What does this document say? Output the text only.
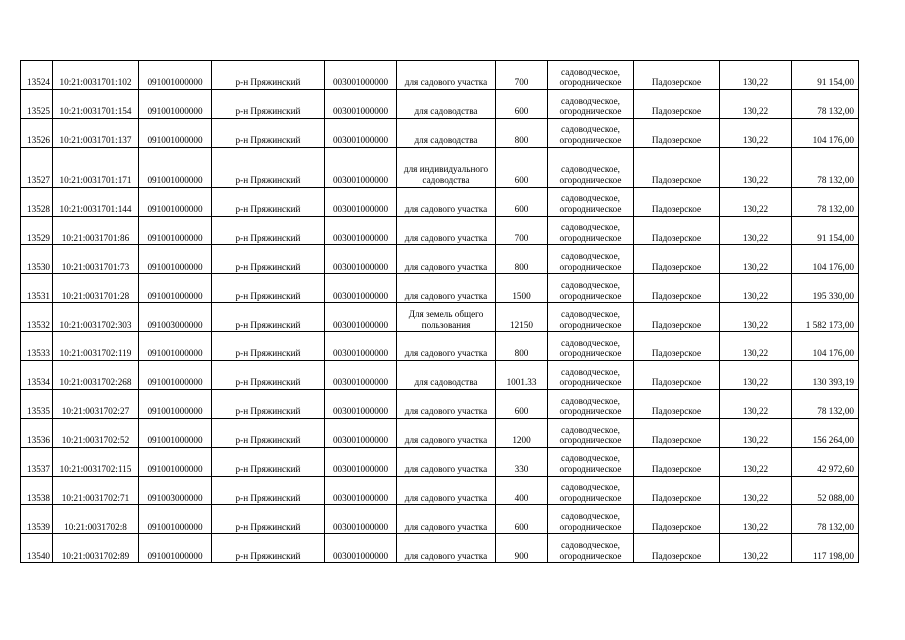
13524	10:21:0031701:102	091001000000	р-н Пряжинский	003001000000	для садового участка	700	садоводческое, огородническое	Падозерское	130,22	91 154,00
13525	10:21:0031701:154	091001000000	р-н Пряжинский	003001000000	для садоводства	600	садоводческое, огородническое	Падозерское	130,22	78 132,00
13526	10:21:0031701:137	091001000000	р-н Пряжинский	003001000000	для садоводства	800	садоводческое, огородническое	Падозерское	130,22	104 176,00
13527	10:21:0031701:171	091001000000	р-н Пряжинский	003001000000	для индивидуального садоводства	600	садоводческое, огородническое	Падозерское	130,22	78 132,00
13528	10:21:0031701:144	091001000000	р-н Пряжинский	003001000000	для садового участка	600	садоводческое, огородническое	Падозерское	130,22	78 132,00
13529	10:21:0031701:86	091001000000	р-н Пряжинский	003001000000	для садового участка	700	садоводческое, огородническое	Падозерское	130,22	91 154,00
13530	10:21:0031701:73	091001000000	р-н Пряжинский	003001000000	для садового участка	800	садоводческое, огородническое	Падозерское	130,22	104 176,00
13531	10:21:0031701:28	091001000000	р-н Пряжинский	003001000000	для садового участка	1500	садоводческое, огородническое	Падозерское	130,22	195 330,00
13532	10:21:0031702:303	091003000000	р-н Пряжинский	003001000000	Для земель общего пользования	12150	садоводческое, огородническое	Падозерское	130,22	1 582 173,00
13533	10:21:0031702:119	091001000000	р-н Пряжинский	003001000000	для садового участка	800	садоводческое, огородническое	Падозерское	130,22	104 176,00
13534	10:21:0031702:268	091001000000	р-н Пряжинский	003001000000	для садоводства	1001.33	садоводческое, огородническое	Падозерское	130,22	130 393,19
13535	10:21:0031702:27	091001000000	р-н Пряжинский	003001000000	для садового участка	600	садоводческое, огородническое	Падозерское	130,22	78 132,00
13536	10:21:0031702:52	091001000000	р-н Пряжинский	003001000000	для садового участка	1200	садоводческое, огородническое	Падозерское	130,22	156 264,00
13537	10:21:0031702:115	091001000000	р-н Пряжинский	003001000000	для садового участка	330	садоводческое, огородническое	Падозерское	130,22	42 972,60
13538	10:21:0031702:71	091003000000	р-н Пряжинский	003001000000	для садового участка	400	садоводческое, огородническое	Падозерское	130,22	52 088,00
13539	10:21:0031702:8	091001000000	р-н Пряжинский	003001000000	для садового участка	600	садоводческое, огородническое	Падозерское	130,22	78 132,00
13540	10:21:0031702:89	091001000000	р-н Пряжинский	003001000000	для садового участка	900	садоводческое, огородническое	Падозерское	130,22	117 198,00
